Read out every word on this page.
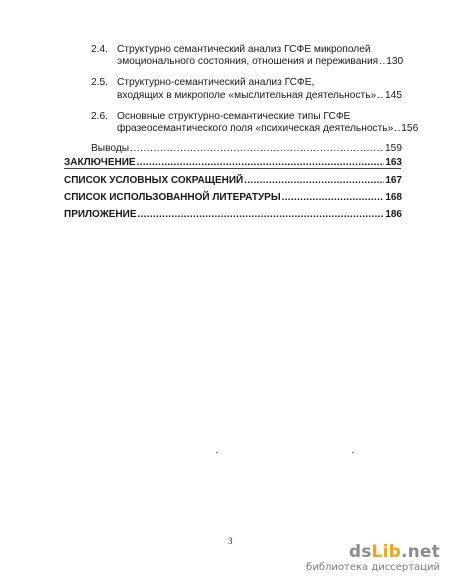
2.4. Структурно семантический анализ ГСФЕ микрополей
эмоционального состояния, отношения и переживания ..... 130
2.5. Структурно-семантический анализ ГСФЕ,
входящих в микрополе «мыслительная деятельность» ..... 145
2.6. Основные структурно-семантические типы ГСФЕ
фразеосемантического поля «психическая деятельность» ..... 156
Выводы .....	159
ЗАКЛЮЧЕНИЕ .....	163
СПИСОК УСЛОВНЫХ СОКРАЩЕНИЙ .....	167
СПИСОК ИСПОЛЬЗОВАННОЙ ЛИТЕРАТУРЫ .....	168
ПРИЛОЖЕНИЕ .....	186
3
dsLib.net
библиотека диссертаций
